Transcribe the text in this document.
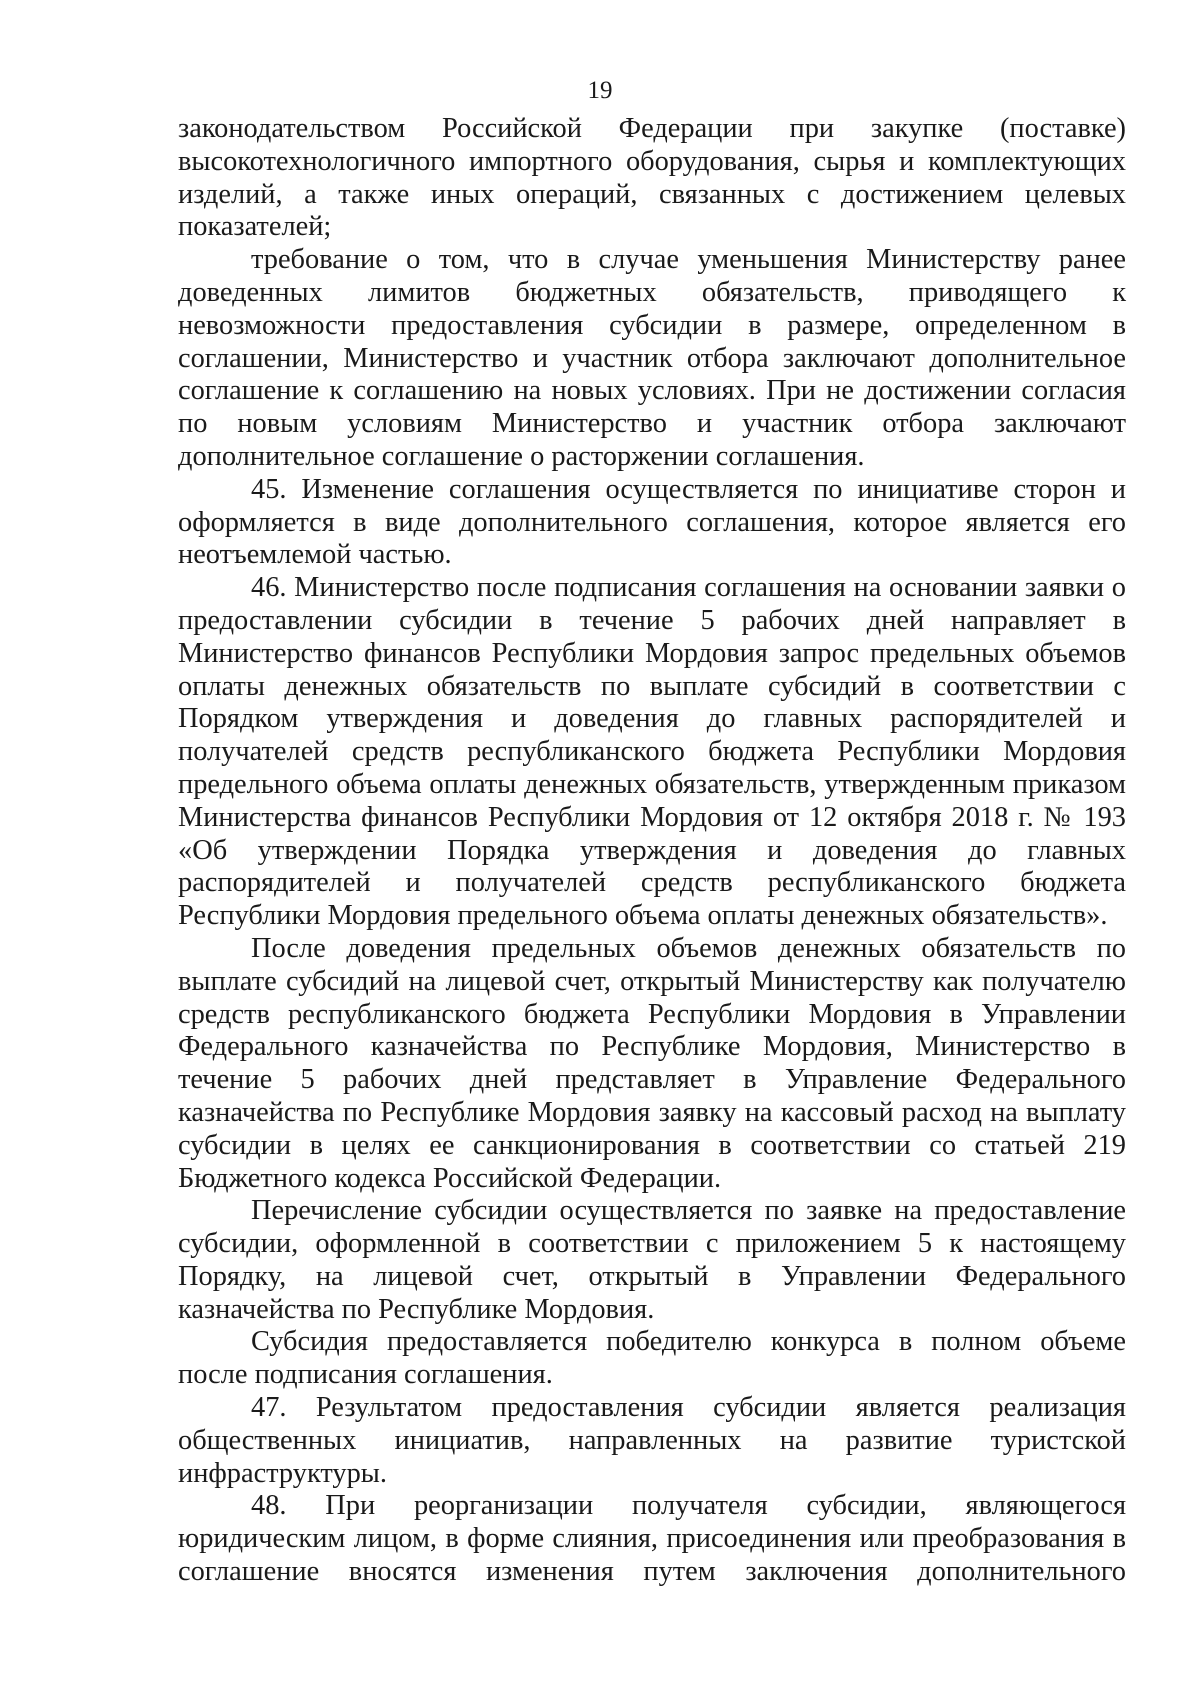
19

законодательством Российской Федерации при закупке (поставке) высокотехнологичного импортного оборудования, сырья и комплектующих изделий, а также иных операций, связанных с достижением целевых показателей;

требование о том, что в случае уменьшения Министерству ранее доведенных лимитов бюджетных обязательств, приводящего к невозможности предоставления субсидии в размере, определенном в соглашении, Министерство и участник отбора заключают дополнительное соглашение к соглашению на новых условиях. При не достижении согласия по новым условиям Министерство и участник отбора заключают дополнительное соглашение о расторжении соглашения.

45. Изменение соглашения осуществляется по инициативе сторон и оформляется в виде дополнительного соглашения, которое является его неотъемлемой частью.

46. Министерство после подписания соглашения на основании заявки о предоставлении субсидии в течение 5 рабочих дней направляет в Министерство финансов Республики Мордовия запрос предельных объемов оплаты денежных обязательств по выплате субсидий в соответствии с Порядком утверждения и доведения до главных распорядителей и получателей средств республиканского бюджета Республики Мордовия предельного объема оплаты денежных обязательств, утвержденным приказом Министерства финансов Республики Мордовия от 12 октября 2018 г. № 193 «Об утверждении Порядка утверждения и доведения до главных распорядителей и получателей средств республиканского бюджета Республики Мордовия предельного объема оплаты денежных обязательств».

После доведения предельных объемов денежных обязательств по выплате субсидий на лицевой счет, открытый Министерству как получателю средств республиканского бюджета Республики Мордовия в Управлении Федерального казначейства по Республике Мордовия, Министерство в течение 5 рабочих дней представляет в Управление Федерального казначейства по Республике Мордовия заявку на кассовый расход на выплату субсидии в целях ее санкционирования в соответствии со статьей 219 Бюджетного кодекса Российской Федерации.

Перечисление субсидии осуществляется по заявке на предоставление субсидии, оформленной в соответствии с приложением 5 к настоящему Порядку, на лицевой счет, открытый в Управлении Федерального казначейства по Республике Мордовия.

Субсидия предоставляется победителю конкурса в полном объеме после подписания соглашения.

47. Результатом предоставления субсидии является реализация общественных инициатив, направленных на развитие туристской инфраструктуры.

48. При реорганизации получателя субсидии, являющегося юридическим лицом, в форме слияния, присоединения или преобразования в соглашение вносятся изменения путем заключения дополнительного
